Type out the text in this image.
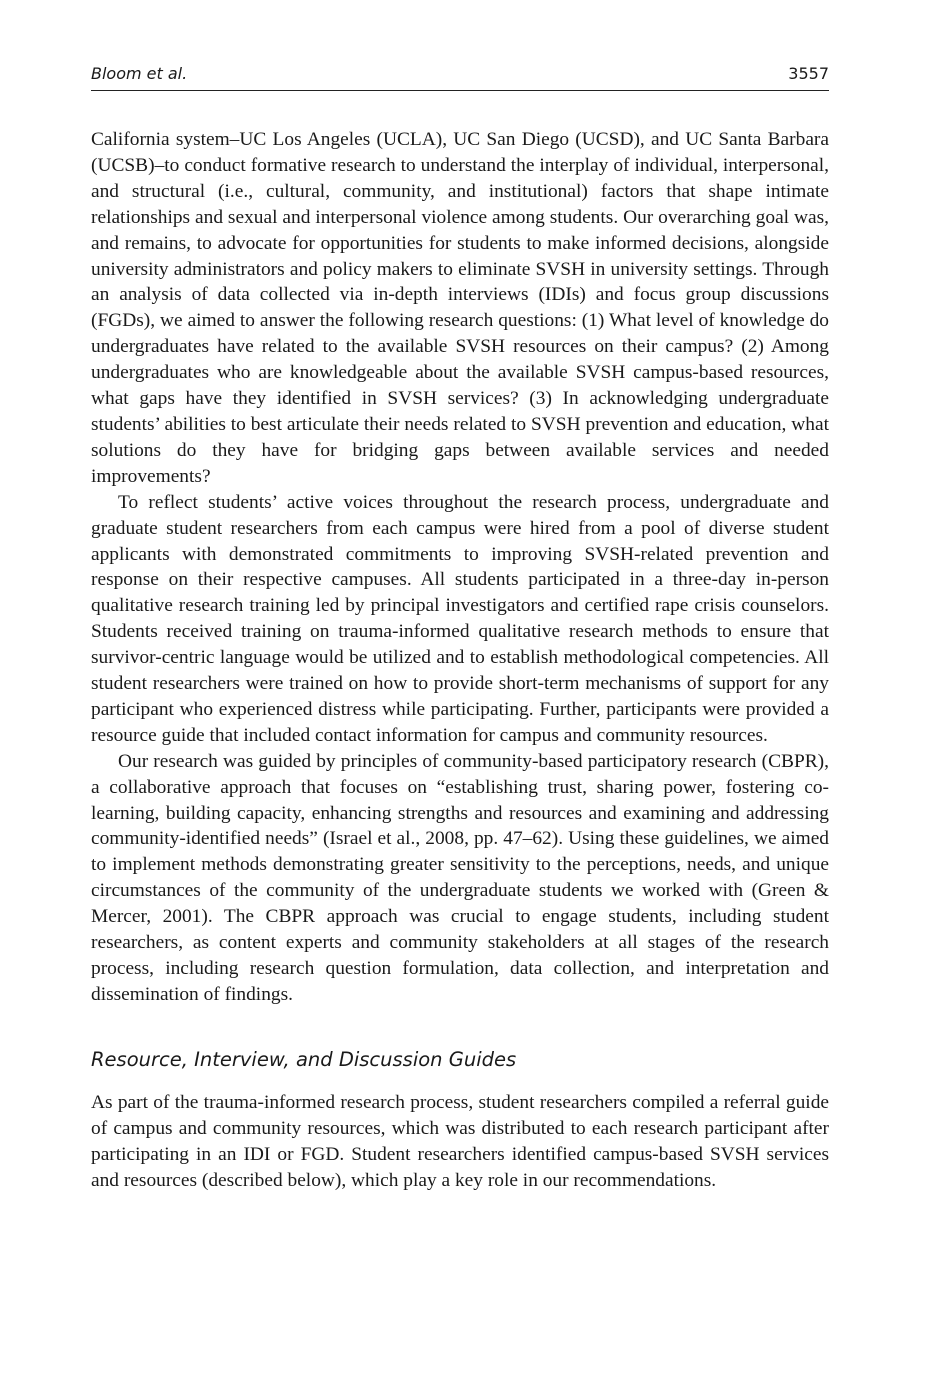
Bloom et al.	3557

California system–UC Los Angeles (UCLA), UC San Diego (UCSD), and UC Santa Barbara (UCSB)–to conduct formative research to understand the interplay of individual, interpersonal, and structural (i.e., cultural, community, and institutional) factors that shape intimate relationships and sexual and interpersonal violence among students. Our overarching goal was, and remains, to advocate for opportunities for students to make informed decisions, alongside university administrators and policy makers to eliminate SVSH in university settings. Through an analysis of data collected via in-depth interviews (IDIs) and focus group discussions (FGDs), we aimed to answer the following research questions: (1) What level of knowledge do undergraduates have related to the available SVSH resources on their campus? (2) Among undergraduates who are knowledgeable about the available SVSH campus-based resources, what gaps have they identified in SVSH services? (3) In acknowledging undergraduate students’ abilities to best articulate their needs related to SVSH prevention and education, what solutions do they have for bridging gaps between available services and needed improvements?

To reflect students’ active voices throughout the research process, undergraduate and graduate student researchers from each campus were hired from a pool of diverse student applicants with demonstrated commitments to improving SVSH-related prevention and response on their respective campuses. All students participated in a three-day in-person qualitative research training led by principal investigators and certified rape crisis counselors. Students received training on trauma-informed qualitative research methods to ensure that survivor-centric language would be utilized and to establish methodological competencies. All student researchers were trained on how to provide short-term mechanisms of support for any participant who experienced distress while participating. Further, participants were provided a resource guide that included contact information for campus and community resources.

Our research was guided by principles of community-based participatory research (CBPR), a collaborative approach that focuses on “establishing trust, sharing power, fostering co-learning, building capacity, enhancing strengths and resources and examining and addressing community-identified needs” (Israel et al., 2008, pp. 47–62). Using these guidelines, we aimed to implement methods demonstrating greater sensitivity to the perceptions, needs, and unique circumstances of the community of the undergraduate students we worked with (Green & Mercer, 2001). The CBPR approach was crucial to engage students, including student researchers, as content experts and community stakeholders at all stages of the research process, including research question formulation, data collection, and interpretation and dissemination of findings.

Resource, Interview, and Discussion Guides

As part of the trauma-informed research process, student researchers compiled a referral guide of campus and community resources, which was distributed to each research participant after participating in an IDI or FGD. Student researchers identified campus-based SVSH services and resources (described below), which play a key role in our recommendations.
